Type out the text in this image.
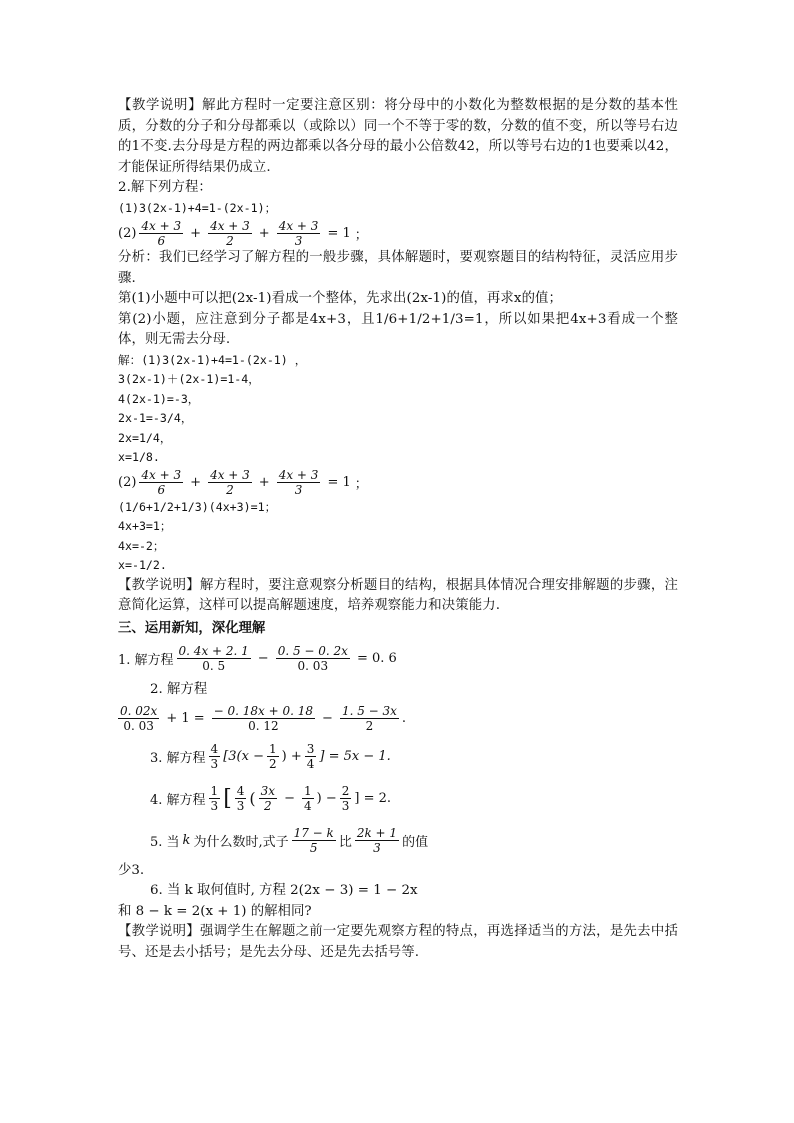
【教学说明】解此方程时一定要注意区别：将分母中的小数化为整数根据的是分数的基本性质，分数的分子和分母都乘以（或除以）同一个不等于零的数，分数的值不变，所以等号右边的1不变.去分母是方程的两边都乘以各分母的最小公倍数42，所以等号右边的1也要乘以42，才能保证所得结果仍成立.

2.解下列方程：

(1)3(2x-1)+4=1-(2x-1)；

$(2) \frac{4x + 3}{6} + \frac{4x + 3}{2} + \frac{4x + 3}{3} = 1$ ；

分析：我们已经学习了解方程的一般步骤，具体解题时，要观察题目的结构特征，灵活应用步骤.

第(1)小题中可以把(2x-1)看成一个整体，先求出(2x-1)的值，再求x的值；

第(2)小题，应注意到分子都是4x+3，且1/6+1/2+1/3=1，所以如果把4x+3看成一个整体，则无需去分母.

解：(1)3(2x-1)+4=1-(2x-1) ，

3(2x-1)＋(2x-1)=1-4，

4(2x-1)=-3，

2x-1=-3/4，

2x=1/4，

x=1/8.

$(2) \frac{4x + 3}{6} + \frac{4x + 3}{2} + \frac{4x + 3}{3} = 1$ ；

(1/6+1/2+1/3)(4x+3)=1；

4x+3=1；

4x=-2；

x=-1/2.

【教学说明】解方程时，要注意观察分析题目的结构，根据具体情况合理安排解题的步骤，注意简化运算，这样可以提高解题速度，培养观察能力和决策能力.

三、运用新知，深化理解

1. 解方程 $\frac{0. 4x + 2. 1}{0. 5} - \frac{0. 5 - 0. 2x}{0. 03} = 0$. 6

2. 解方程

$\frac{0. 02x}{0. 03} + 1 = \frac{- 0. 18x + 0. 18}{0. 12} - \frac{1. 5 - 3x}{2}$ .
3. 解方程 $\frac{4}{3} [3(x - \frac{1}{2}$ ) + $\frac{3}{4}$ ] = 5x − 1.
4. 解方程 $\frac{1}{3}$ [ $\frac{4}{3}$ ( $\frac{3x}{2} - \frac{1}{4}$ ) − $\frac{2}{3}$ ] = 2.
5. 当 k 为什么数时,式子 $\frac{17 - k}{5}$ 比 $\frac{2k + 1}{3}$ 的值

少3.

6. 当 k 取何值时, 方程 2(2x − 3) = 1 − 2x

和 8 − k = 2(x + 1) 的解相同?

【教学说明】强调学生在解题之前一定要先观察方程的特点，再选择适当的方法，是先去中括号、还是去小括号；是先去分母、还是先去括号等.
